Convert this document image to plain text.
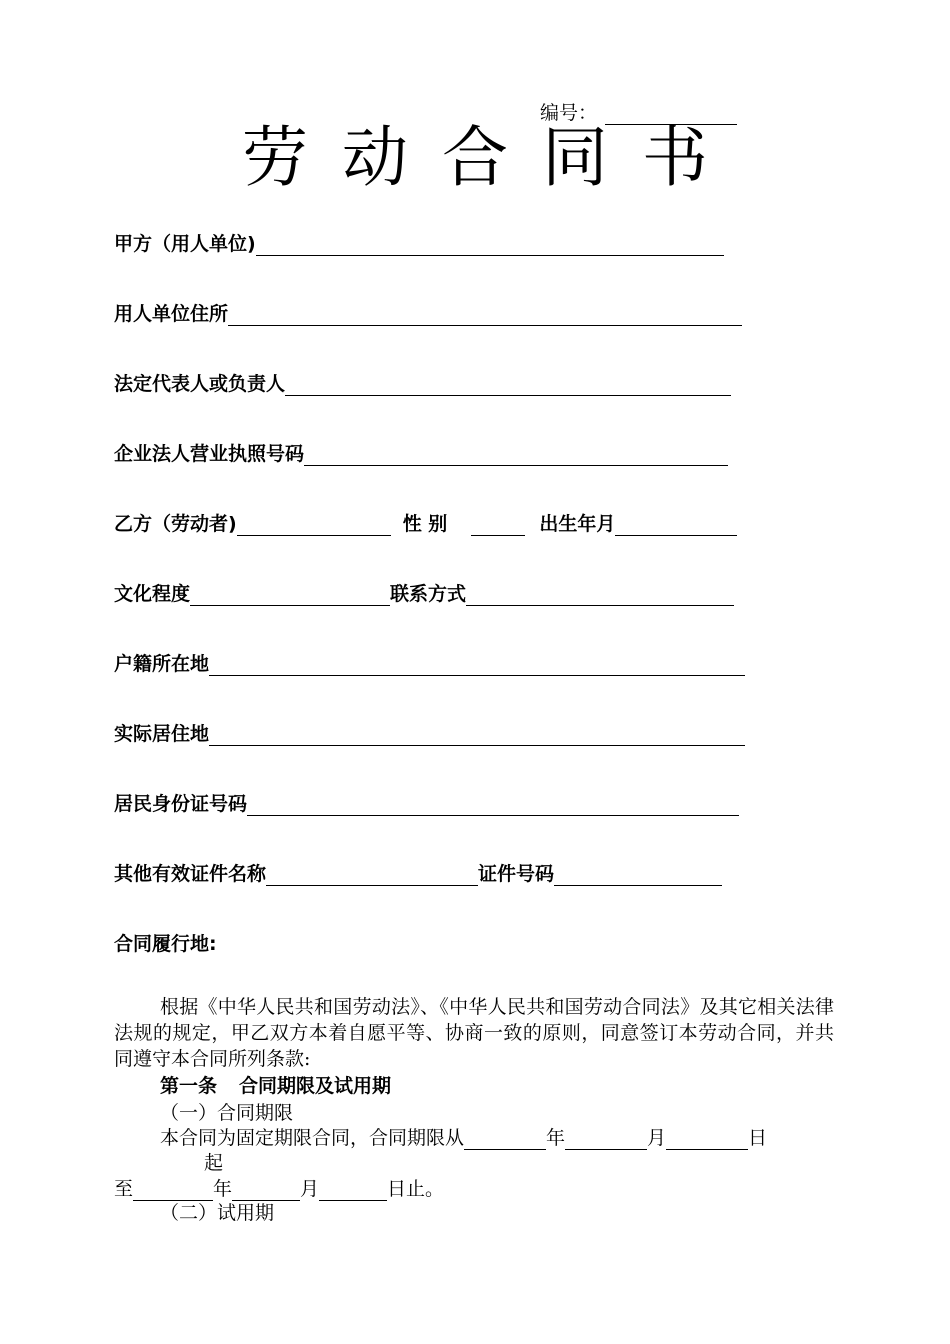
编号：
劳动合同书
甲方（用人单位)
用人单位住所
法定代表人或负责人
企业法人营业执照号码
乙方（劳动者)	性 别	出生年月
文化程度	联系方式
户籍所在地
实际居住地
居民身份证号码
其他有效证件名称	证件号码
合同履行地:
根据《中华人民共和国劳动法》、《中华人民共和国劳动合同法》及其它相关法律法规的规定，甲乙双方本着自愿平等、协商一致的原则，同意签订本劳动合同，并共同遵守本合同所列条款:
第一条 合同期限及试用期
（一）合同期限
本合同为固定期限合同，合同期限从	年	月	日
起
至	年	月	日止。
（二）试用期
